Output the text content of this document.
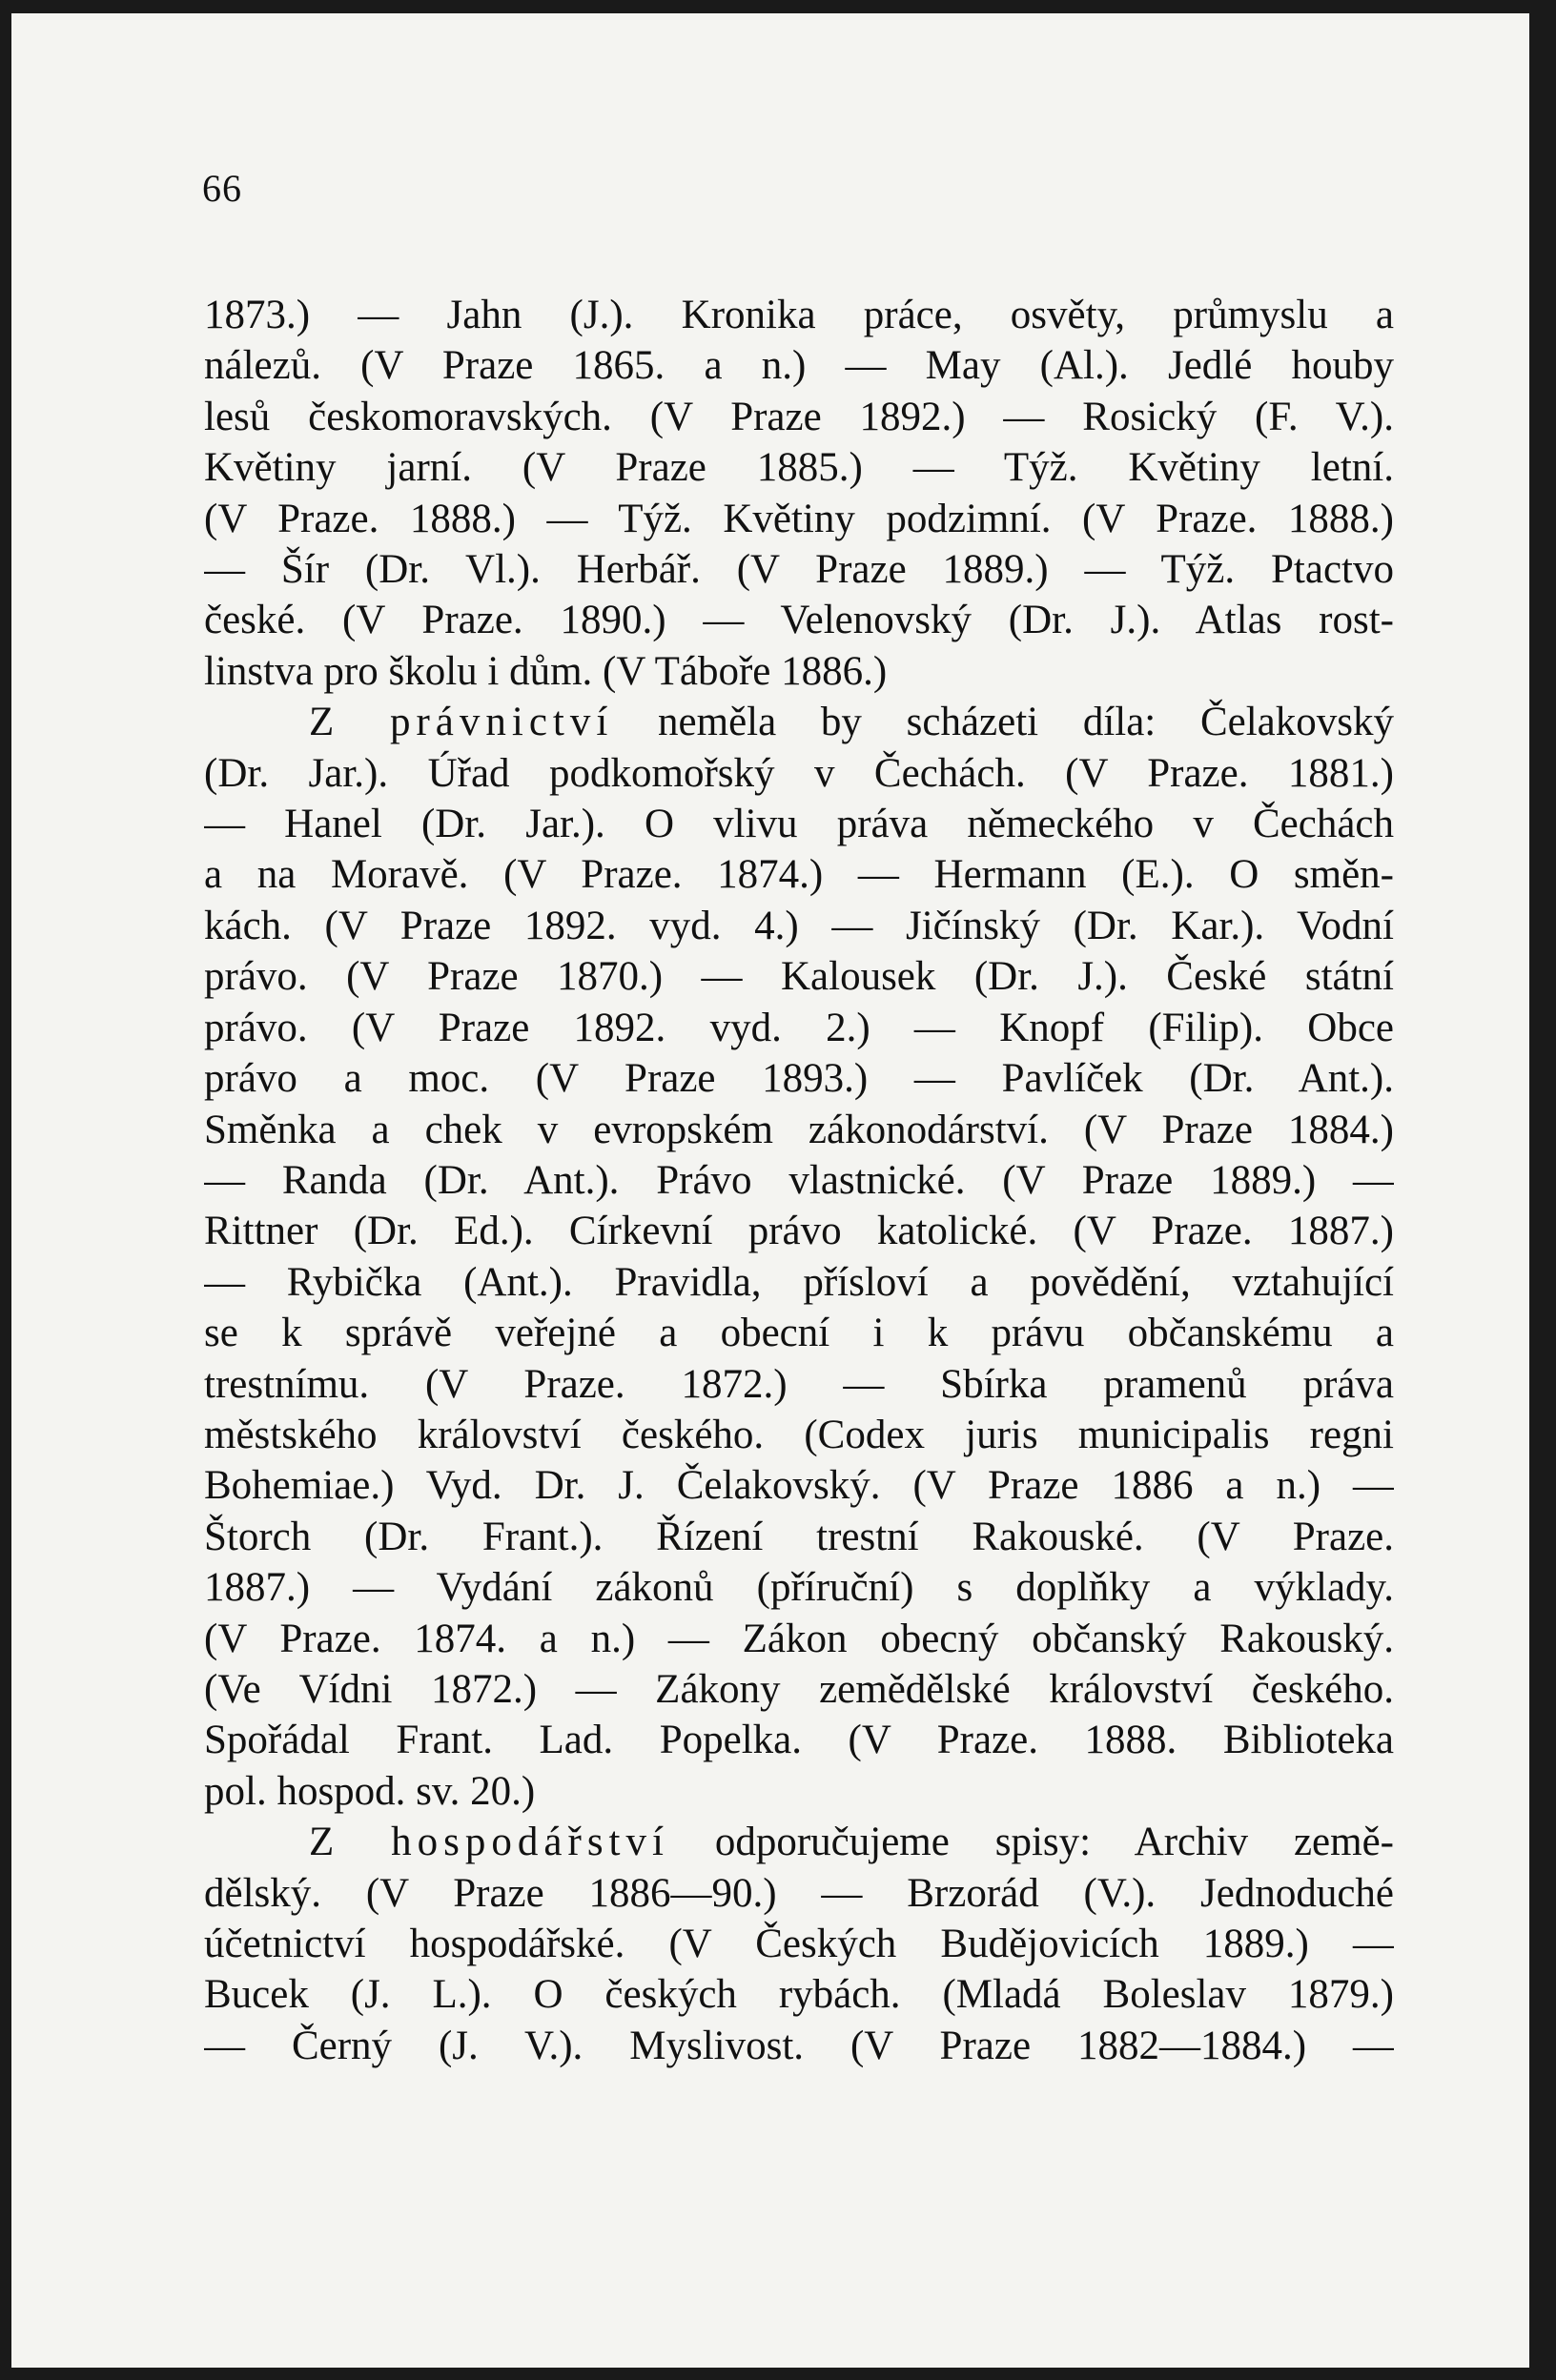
66

1873.) — Jahn (J.). Kronika práce, osvěty, průmyslu a
nálezů. (V Praze 1865. a n.) — May (Al.). Jedlé houby
lesů českomoravských. (V Praze 1892.) — Rosický (F. V.).
Květiny jarní. (V Praze 1885.) — Týž. Květiny letní.
(V Praze. 1888.) — Týž. Květiny podzimní. (V Praze. 1888.)
— Šír (Dr. Vl.). Herbář. (V Praze 1889.) — Týž. Ptactvo
české. (V Praze. 1890.) — Velenovský (Dr. J.). Atlas rost-
linstva pro školu i dům. (V Táboře 1886.)

Z právnictví neměla by scházeti díla: Čelakovský
(Dr. Jar.). Úřad podkomořský v Čechách. (V Praze. 1881.)
— Hanel (Dr. Jar.). O vlivu práva německého v Čechách
a na Moravě. (V Praze. 1874.) — Hermann (E.). O směn-
kách. (V Praze 1892. vyd. 4.) — Jičínský (Dr. Kar.). Vodní
právo. (V Praze 1870.) — Kalousek (Dr. J.). České státní
právo. (V Praze 1892. vyd. 2.) — Knopf (Filip). Obce
právo a moc. (V Praze 1893.) — Pavlíček (Dr. Ant.).
Směnka a chek v evropském zákonodárství. (V Praze 1884.)
— Randa (Dr. Ant.). Právo vlastnické. (V Praze 1889.) —
Rittner (Dr. Ed.). Církevní právo katolické. (V Praze. 1887.)
— Rybička (Ant.). Pravidla, přísloví a povědění, vztahující
se k správě veřejné a obecní i k právu občanskému a
trestnímu. (V Praze. 1872.) — Sbírka pramenů práva
městského království českého. (Codex juris municipalis regni
Bohemiae.) Vyd. Dr. J. Čelakovský. (V Praze 1886 a n.) —
Štorch (Dr. Frant.). Řízení trestní Rakouské. (V Praze.
1887.) — Vydání zákonů (příruční) s doplňky a výklady.
(V Praze. 1874. a n.) — Zákon obecný občanský Rakouský.
(Ve Vídni 1872.) — Zákony zemědělské království českého.
Spořádal Frant. Lad. Popelka. (V Praze. 1888. Biblioteka
pol. hospod. sv. 20.)

Z hospodářství odporučujeme spisy: Archiv země-
dělský. (V Praze 1886—90.) — Brzorád (V.). Jednoduché
účetnictví hospodářské. (V Českých Budějovicích 1889.) —
Bucek (J. L.). O českých rybách. (Mladá Boleslav 1879.)
— Černý (J. V.). Myslivost. (V Praze 1882—1884.) —
